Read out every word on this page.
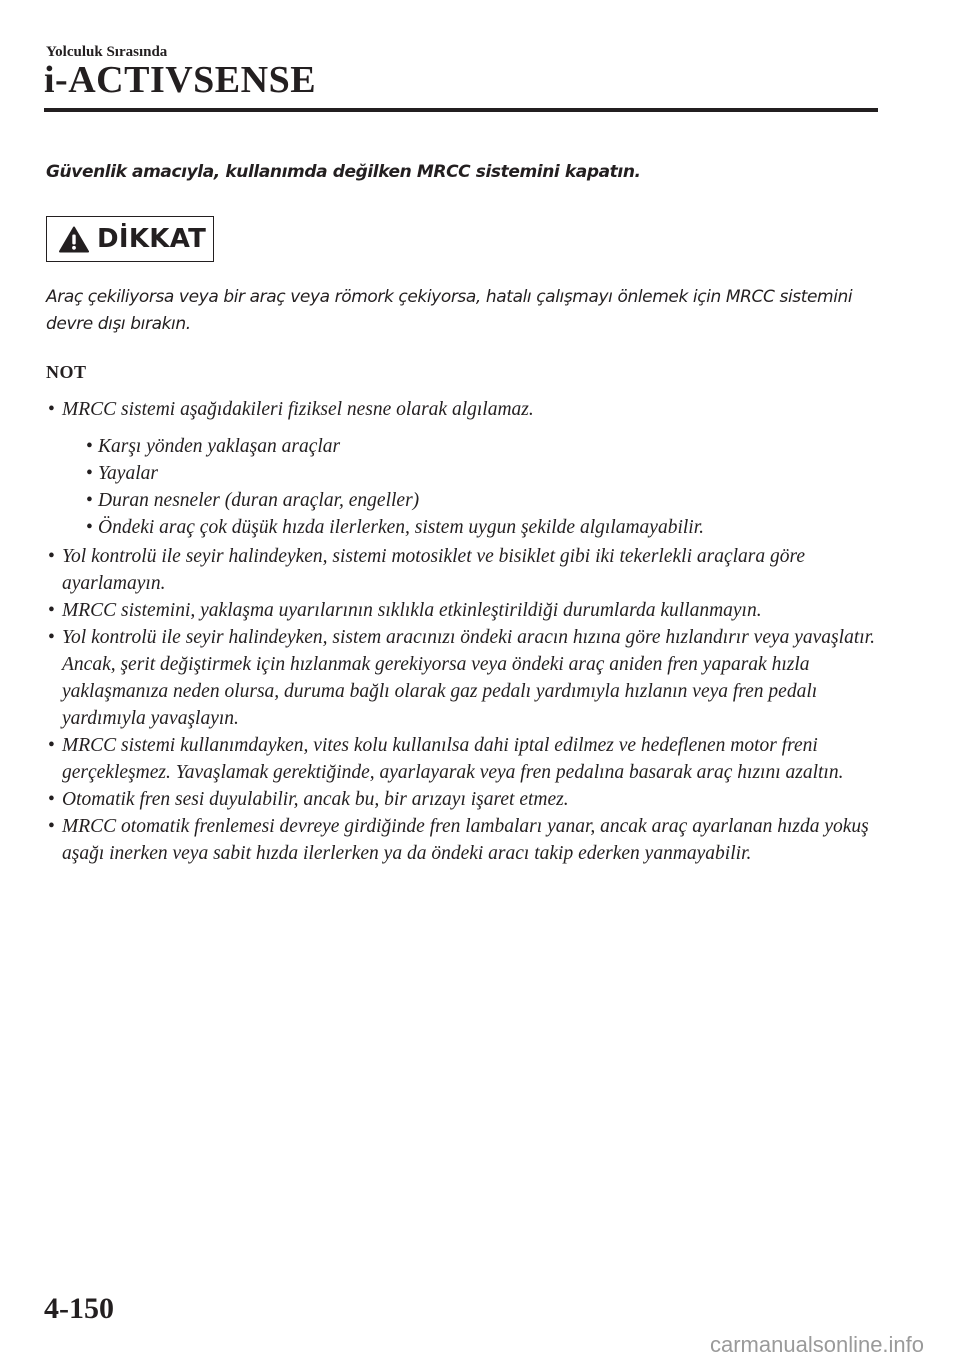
Yolculuk Sırasında
i-ACTIVSENSE
Güvenlik amacıyla, kullanımda değilken MRCC sistemini kapatın.
DİKKAT
Araç çekiliyorsa veya bir araç veya römork çekiyorsa, hatalı çalışmayı önlemek için MRCC sistemini devre dışı bırakın.
NOT
• MRCC sistemi aşağıdakileri fiziksel nesne olarak algılamaz.
• Karşı yönden yaklaşan araçlar
• Yayalar
• Duran nesneler (duran araçlar, engeller)
• Öndeki araç çok düşük hızda ilerlerken, sistem uygun şekilde algılamayabilir.
• Yol kontrolü ile seyir halindeyken, sistemi motosiklet ve bisiklet gibi iki tekerlekli araçlara göre ayarlamayın.
• MRCC sistemini, yaklaşma uyarılarının sıklıkla etkinleştirildiği durumlarda kullanmayın.
• Yol kontrolü ile seyir halindeyken, sistem aracınızı öndeki aracın hızına göre hızlandırır veya yavaşlatır. Ancak, şerit değiştirmek için hızlanmak gerekiyorsa veya öndeki araç aniden fren yaparak hızla yaklaşmanıza neden olursa, duruma bağlı olarak gaz pedalı yardımıyla hızlanın veya fren pedalı yardımıyla yavaşlayın.
• MRCC sistemi kullanımdayken, vites kolu kullanılsa dahi iptal edilmez ve hedeflenen motor freni gerçekleşmez. Yavaşlamak gerektiğinde, ayarlayarak veya fren pedalına basarak araç hızını azaltın.
• Otomatik fren sesi duyulabilir, ancak bu, bir arızayı işaret etmez.
• MRCC otomatik frenlemesi devreye girdiğinde fren lambaları yanar, ancak araç ayarlanan hızda yokuş aşağı inerken veya sabit hızda ilerlerken ya da öndeki aracı takip ederken yanmayabilir.
4-150
carmanualsonline.info
